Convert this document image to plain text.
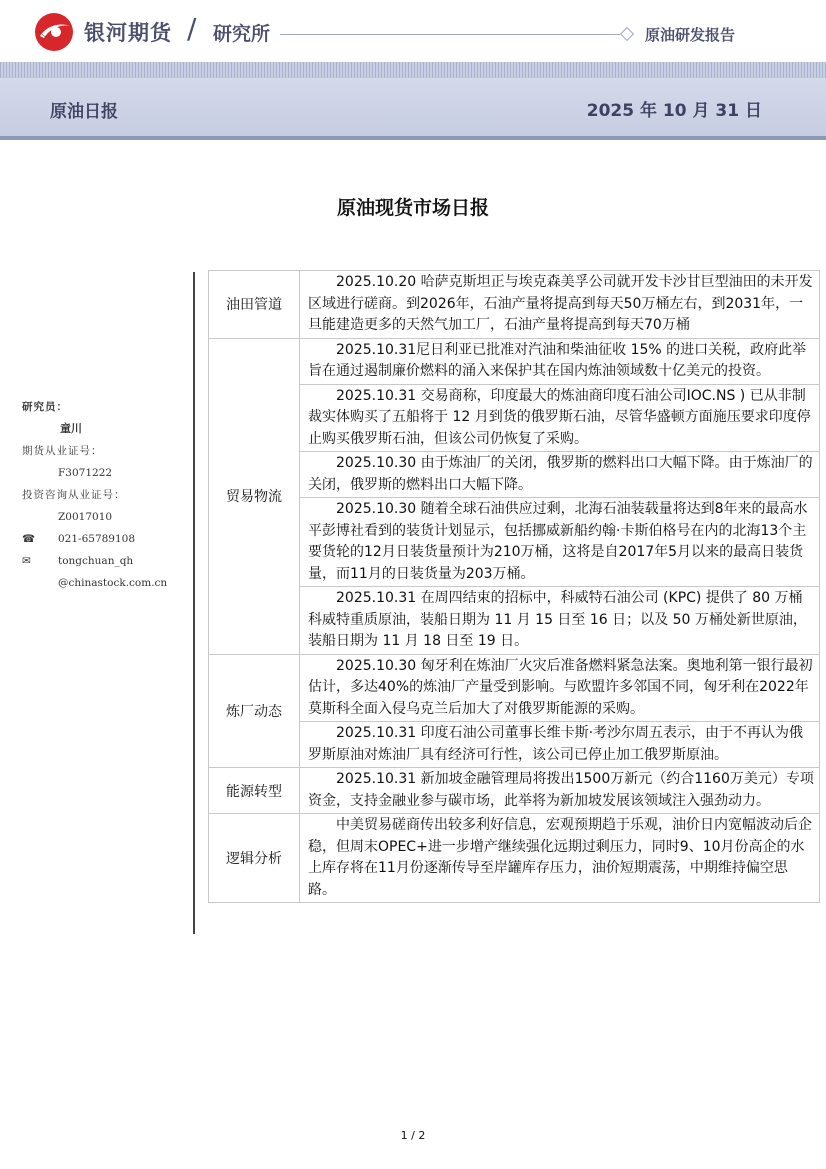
银河期货 / 研究所	原油研发报告
原油日报	2025 年 10 月 31 日
原油现货市场日报
研究员：
童川
期货从业证号：
F3071222
投资咨询从业证号：
Z0017010
☎ 021-65789108
✉	tongchuan_qh
@chinastock.com.cn
油田管道	2025.10.20 哈萨克斯坦正与埃克森美孚公司就开发卡沙甘巨型油田的未开发区域进行磋商。到2026年，石油产量将提高到每天50万桶左右，到2031年，一旦能建造更多的天然气加工厂，石油产量将提高到每天70万桶

贸易物流	2025.10.31尼日利亚已批准对汽油和柴油征收 15% 的进口关税，政府此举旨在通过遏制廉价燃料的涌入来保护其在国内炼油领域数十亿美元的投资。
2025.10.31 交易商称，印度最大的炼油商印度石油公司IOC.NS ) 已从非制裁实体购买了五船将于 12 月到货的俄罗斯石油，尽管华盛顿方面施压要求印度停止购买俄罗斯石油，但该公司仍恢复了采购。
2025.10.30 由于炼油厂的关闭，俄罗斯的燃料出口大幅下降。由于炼油厂的关闭，俄罗斯的燃料出口大幅下降。
2025.10.30 随着全球石油供应过剩，北海石油装载量将达到8年来的最高水平彭博社看到的装货计划显示，包括挪威新船约翰·卡斯伯格号在内的北海13个主要货轮的12月日装货量预计为210万桶，这将是自2017年5月以来的最高日装货量，而11月的日装货量为203万桶。
2025.10.31 在周四结束的招标中，科威特石油公司 (KPC) 提供了 80 万桶科威特重质原油，装船日期为 11 月 15 日至 16 日；以及 50 万桶处新世原油，装船日期为 11 月 18 日至 19 日。

炼厂动态	2025.10.30 匈牙利在炼油厂火灾后准备燃料紧急法案。奥地利第一银行最初估计，多达40%的炼油厂产量受到影响。与欧盟许多邻国不同，匈牙利在2022年莫斯科全面入侵乌克兰后加大了对俄罗斯能源的采购。
2025.10.31 印度石油公司董事长维卡斯·考沙尔周五表示，由于不再认为俄罗斯原油对炼油厂具有经济可行性，该公司已停止加工俄罗斯原油。

能源转型	2025.10.31 新加坡金融管理局将拨出1500万新元（约合1160万美元）专项资金，支持金融业参与碳市场，此举将为新加坡发展该领域注入强劲动力。

逻辑分析	中美贸易磋商传出较多利好信息，宏观预期趋于乐观，油价日内宽幅波动后企稳，但周末OPEC+进一步增产继续强化远期过剩压力，同时9、10月份高企的水上库存将在11月份逐渐传导至岸罐库存压力，油价短期震荡，中期维持偏空思路。
1 / 2
